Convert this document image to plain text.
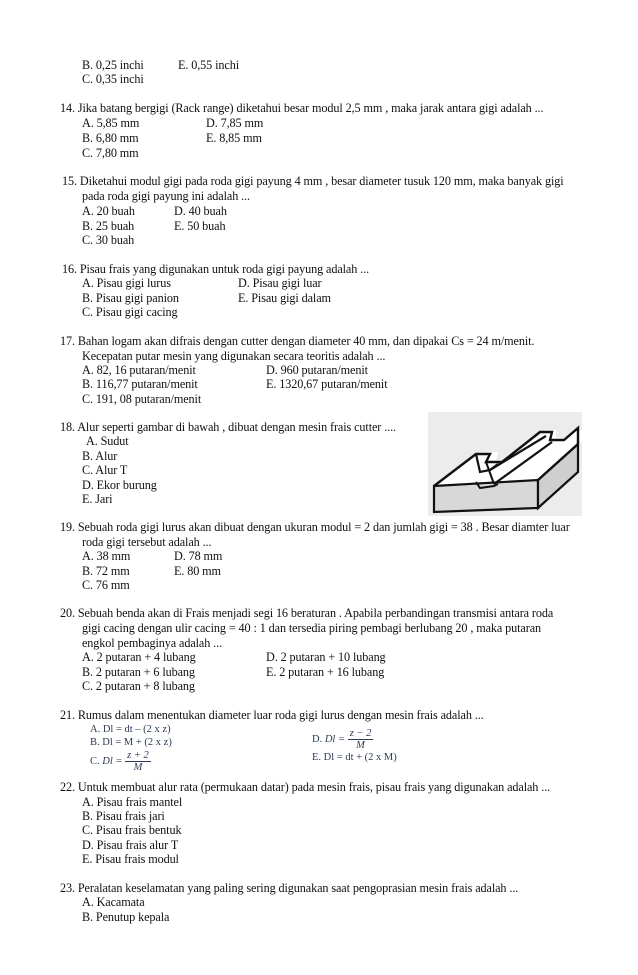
B. 0,25 inchi	E. 0,55 inchi
C. 0,35 inchi
14. Jika batang bergigi (Rack range) diketahui besar modul 2,5 mm , maka jarak antara gigi adalah ...
A. 5,85 mm	D. 7,85 mm
B. 6,80 mm	E. 8,85 mm
C. 7,80 mm
15. Diketahui modul gigi pada roda gigi payung 4 mm , besar diameter tusuk 120 mm, maka banyak gigi
pada roda gigi payung ini adalah ...
A. 20 buah	D. 40 buah
B. 25 buah	E. 50 buah
C. 30 buah
16. Pisau frais yang digunakan untuk roda gigi payung adalah ...
A. Pisau gigi lurus	D. Pisau gigi luar
B. Pisau gigi panion	E. Pisau gigi dalam
C. Pisau gigi cacing
17. Bahan logam akan difrais dengan cutter dengan diameter 40 mm, dan dipakai Cs = 24 m/menit.
Kecepatan putar mesin yang digunakan secara teoritis adalah ...
A. 82, 16 putaran/menit	D. 960 putaran/menit
B. 116,77 putaran/menit	E. 1320,67 putaran/menit
C. 191, 08 putaran/menit
18. Alur seperti gambar di bawah , dibuat dengan mesin frais cutter ....
A. Sudut
B. Alur
C. Alur T
D. Ekor burung
E. Jari
19. Sebuah roda gigi lurus akan dibuat dengan ukuran modul = 2 dan jumlah gigi = 38 . Besar diamter luar
roda gigi tersebut adalah ...
A. 38 mm	D. 78 mm
B. 72 mm	E. 80 mm
C. 76 mm
20. Sebuah benda akan di Frais menjadi segi 16 beraturan . Apabila perbandingan transmisi antara roda
gigi cacing dengan ulir cacing = 40 : 1 dan tersedia piring pembagi berlubang 20 , maka putaran
engkol pembaginya adalah ...
A. 2 putaran + 4 lubang	D. 2 putaran + 10 lubang
B. 2 putaran + 6 lubang	E. 2 putaran + 16 lubang
C. 2 putaran + 8 lubang
21. Rumus dalam menentukan diameter luar roda gigi lurus dengan mesin frais adalah ...
A. Dl = dt – (2 x z)
B. Dl = M + (2 x z)
C. $Dl = \frac{z + 2}{M}$
D. $Dl = \frac{z - 2}{M}$
E. Dl = dt + (2 x M)
22. Untuk membuat alur rata (permukaan datar) pada mesin frais, pisau frais yang digunakan adalah ...
A. Pisau frais mantel
B. Pisau frais jari
C. Pisau frais bentuk
D. Pisau frais alur T
E. Pisau frais modul
23. Peralatan keselamatan yang paling sering digunakan saat pengoprasian mesin frais adalah ...
A. Kacamata
B. Penutup kepala
